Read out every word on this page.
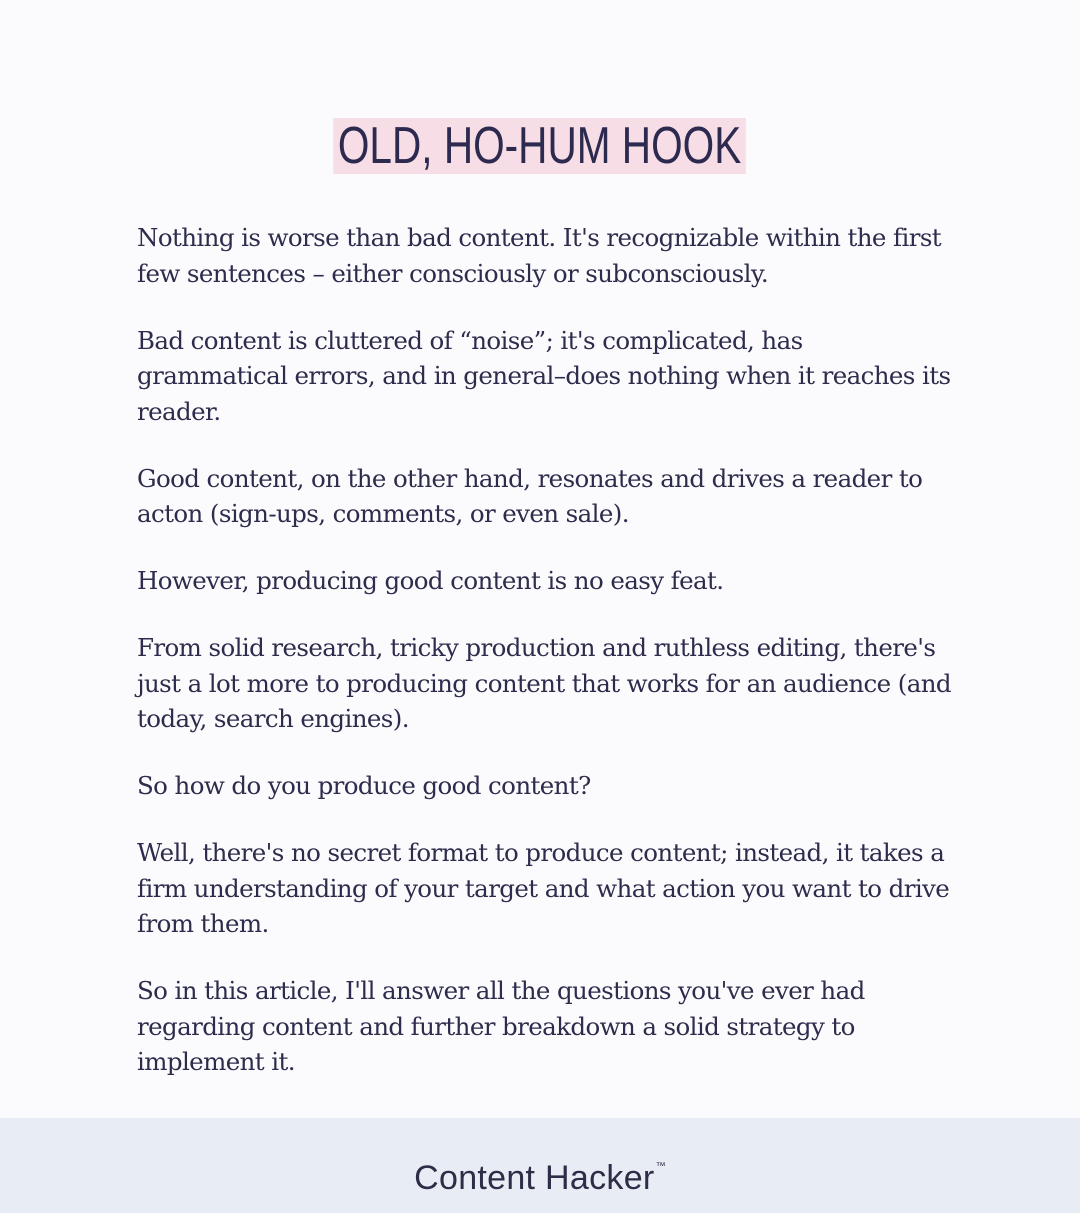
OLD, HO-HUM HOOK

Nothing is worse than bad content. It's recognizable within the first few sentences – either consciously or subconsciously.

Bad content is cluttered of “noise”; it's complicated, has grammatical errors, and in general–does nothing when it reaches its reader.

Good content, on the other hand, resonates and drives a reader to acton (sign-ups, comments, or even sale).

However, producing good content is no easy feat.

From solid research, tricky production and ruthless editing, there's just a lot more to producing content that works for an audience (and today, search engines).

So how do you produce good content?

Well, there's no secret format to produce content; instead, it takes a firm understanding of your target and what action you want to drive from them.

So in this article, I'll answer all the questions you've ever had regarding content and further breakdown a solid strategy to implement it.

Content Hacker™
